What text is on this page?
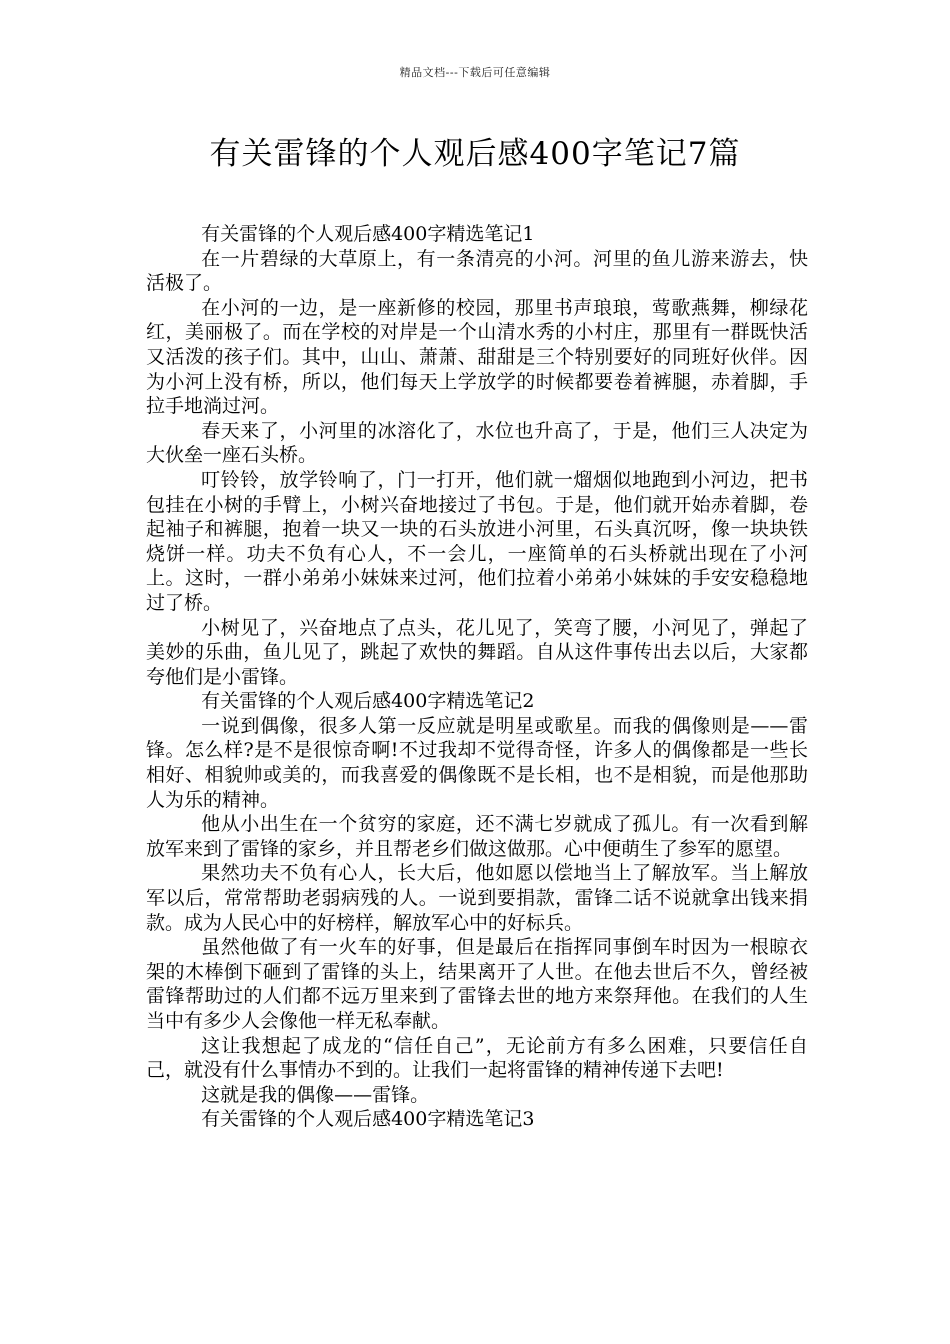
精品文档---下载后可任意编辑
有关雷锋的个人观后感400字笔记7篇

有关雷锋的个人观后感400字精选笔记1

在一片碧绿的大草原上，有一条清亮的小河。河里的鱼儿游来游去，快活极了。

在小河的一边，是一座新修的校园，那里书声琅琅，莺歌燕舞，柳绿花红，美丽极了。而在学校的对岸是一个山清水秀的小村庄，那里有一群既快活又活泼的孩子们。其中，山山、萧萧、甜甜是三个特别要好的同班好伙伴。因为小河上没有桥，所以，他们每天上学放学的时候都要卷着裤腿，赤着脚，手拉手地淌过河。

春天来了，小河里的冰溶化了，水位也升高了，于是，他们三人决定为大伙垒一座石头桥。

叮铃铃，放学铃响了，门一打开，他们就一熘烟似地跑到小河边，把书包挂在小树的手臂上，小树兴奋地接过了书包。于是，他们就开始赤着脚，卷起袖子和裤腿，抱着一块又一块的石头放进小河里，石头真沉呀，像一块块铁烧饼一样。功夫不负有心人，不一会儿，一座简单的石头桥就出现在了小河上。这时，一群小弟弟小妹妹来过河，他们拉着小弟弟小妹妹的手安安稳稳地过了桥。

小树见了，兴奋地点了点头，花儿见了，笑弯了腰，小河见了，弹起了美妙的乐曲，鱼儿见了，跳起了欢快的舞蹈。自从这件事传出去以后，大家都夸他们是小雷锋。

有关雷锋的个人观后感400字精选笔记2

一说到偶像，很多人第一反应就是明星或歌星。而我的偶像则是——雷锋。怎么样?是不是很惊奇啊!不过我却不觉得奇怪，许多人的偶像都是一些长相好、相貌帅或美的，而我喜爱的偶像既不是长相，也不是相貌，而是他那助人为乐的精神。

他从小出生在一个贫穷的家庭，还不满七岁就成了孤儿。有一次看到解放军来到了雷锋的家乡，并且帮老乡们做这做那。心中便萌生了参军的愿望。

果然功夫不负有心人，长大后，他如愿以偿地当上了解放军。当上解放军以后，常常帮助老弱病残的人。一说到要捐款，雷锋二话不说就拿出钱来捐款。成为人民心中的好榜样，解放军心中的好标兵。

虽然他做了有一火车的好事，但是最后在指挥同事倒车时因为一根晾衣架的木棒倒下砸到了雷锋的头上，结果离开了人世。在他去世后不久，曾经被雷锋帮助过的人们都不远万里来到了雷锋去世的地方来祭拜他。在我们的人生当中有多少人会像他一样无私奉献。

这让我想起了成龙的“信任自己”，无论前方有多么困难，只要信任自己，就没有什么事情办不到的。让我们一起将雷锋的精神传递下去吧!

这就是我的偶像——雷锋。

有关雷锋的个人观后感400字精选笔记3
